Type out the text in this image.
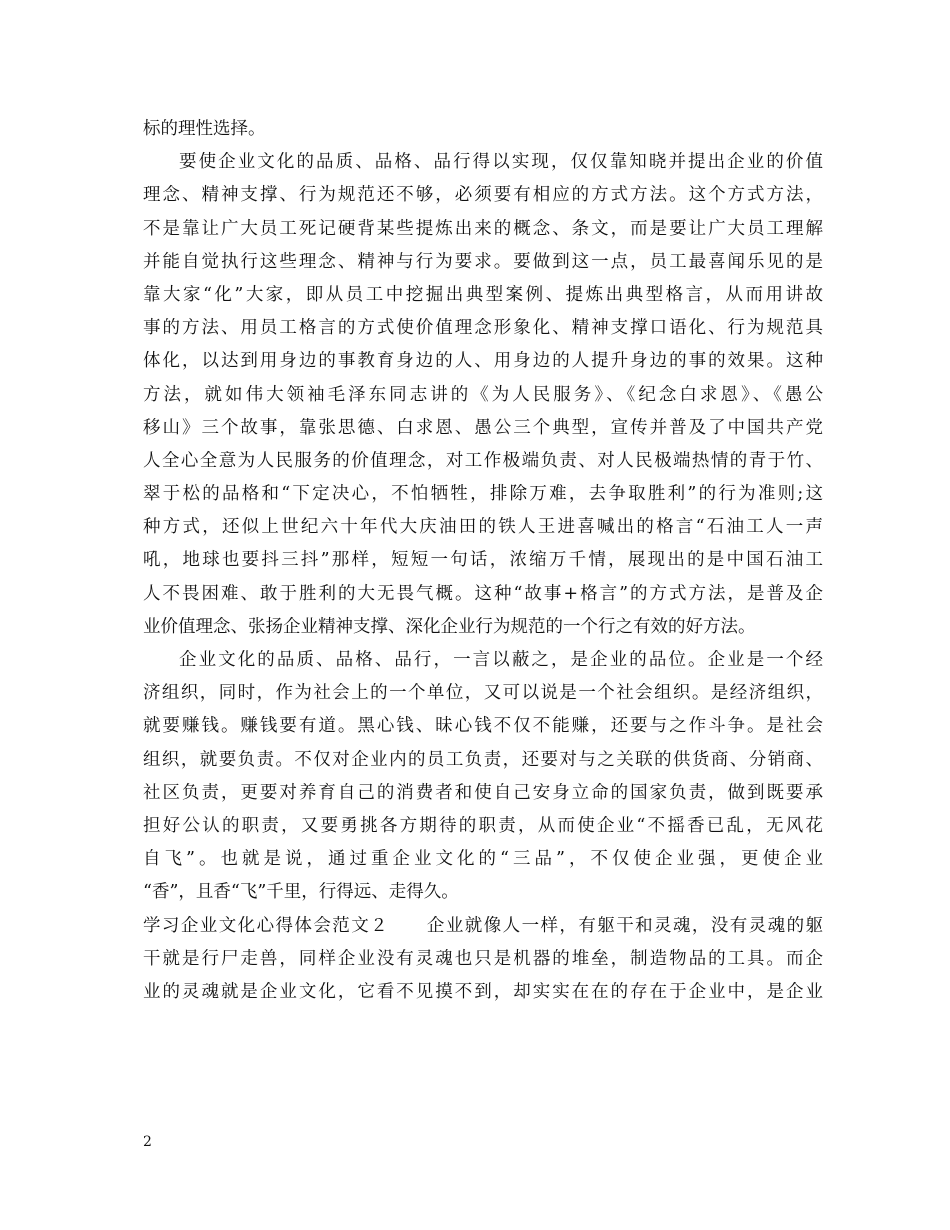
标的理性选择。
要使企业文化的品质、品格、品行得以实现，仅仅靠知晓并提出企业的价值
理念、精神支撑、行为规范还不够，必须要有相应的方式方法。这个方式方法，
不是靠让广大员工死记硬背某些提炼出来的概念、条文，而是要让广大员工理解
并能自觉执行这些理念、精神与行为要求。要做到这一点，员工最喜闻乐见的是
靠大家“化”大家，即从员工中挖掘出典型案例、提炼出典型格言，从而用讲故
事的方法、用员工格言的方式使价值理念形象化、精神支撑口语化、行为规范具
体化，以达到用身边的事教育身边的人、用身边的人提升身边的事的效果。这种
方法，就如伟大领袖毛泽东同志讲的《为人民服务》、《纪念白求恩》、《愚公
移山》三个故事，靠张思德、白求恩、愚公三个典型，宣传并普及了中国共产党
人全心全意为人民服务的价值理念，对工作极端负责、对人民极端热情的青于竹、
翠于松的品格和“下定决心，不怕牺牲，排除万难，去争取胜利”的行为准则;这
种方式，还似上世纪六十年代大庆油田的铁人王进喜喊出的格言“石油工人一声
吼，地球也要抖三抖”那样，短短一句话，浓缩万千情，展现出的是中国石油工
人不畏困难、敢于胜利的大无畏气概。这种“故事+格言”的方式方法，是普及企
业价值理念、张扬企业精神支撑、深化企业行为规范的一个行之有效的好方法。
企业文化的品质、品格、品行，一言以蔽之，是企业的品位。企业是一个经
济组织，同时，作为社会上的一个单位，又可以说是一个社会组织。是经济组织，
就要赚钱。赚钱要有道。黑心钱、昧心钱不仅不能赚，还要与之作斗争。是社会
组织，就要负责。不仅对企业内的员工负责，还要对与之关联的供货商、分销商、
社区负责，更要对养育自己的消费者和使自己安身立命的国家负责，做到既要承
担好公认的职责，又要勇挑各方期待的职责，从而使企业“不摇香已乱，无风花
自飞”。也就是说，通过重企业文化的“三品”，不仅使企业强，更使企业
“香”，且香“飞”千里，行得远、走得久。
学习企业文化心得体会范文２　　企业就像人一样，有躯干和灵魂，没有灵魂的躯
干就是行尸走兽，同样企业没有灵魂也只是机器的堆垒，制造物品的工具。而企
业的灵魂就是企业文化，它看不见摸不到，却实实在在的存在于企业中，是企业
2
